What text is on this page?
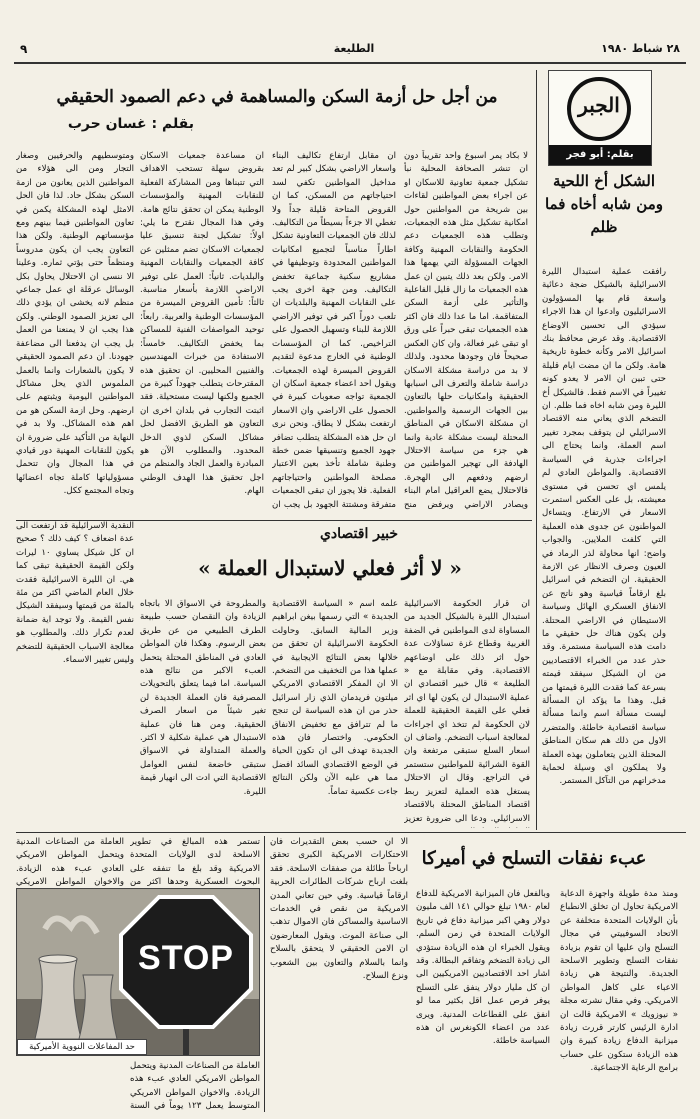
٩	الطليعة	٢٨ شباط ١٩٨٠
الجبر
بقلم: أبو فجر
الشكل أخ اللحية ومن شابه أخاه فما ظلم
رافقت عملية استبدال الليرة الاسرائيلية بالشيكل ضجة دعائية واسعة قام بها المسؤولون الاسرائيليون وادعوا ان هذا الاجراء سيؤدي الى تحسين الاوضاع الاقتصادية. وقد عرض محافظ بنك اسرائيل الامر وكأنه خطوة تاريخية هامة. ولكن ما ان مضت ايام قليلة حتى تبين ان الامر لا يعدو كونه تغييراً في الاسم فقط. فالشيكل أخ الليرة ومن شابه اخاه فما ظلم. ان التضخم الذي يعاني منه الاقتصاد الاسرائيلي لن يتوقف بمجرد تغيير اسم العملة، وانما يحتاج الى اجراءات جذرية في السياسة الاقتصادية. والمواطن العادي لم يلمس اي تحسن في مستوى معيشته، بل على العكس استمرت الاسعار في الارتفاع. ويتساءل المواطنون عن جدوى هذه العملية التي كلفت الملايين. والجواب واضح: انها محاولة لذر الرماد في العيون وصرف الانظار عن الازمة الحقيقية. ان التضخم في اسرائيل بلغ ارقاماً قياسية وهو ناتج عن الانفاق العسكري الهائل وسياسة الاستيطان في الاراضي المحتلة. ولن يكون هناك حل حقيقي ما دامت هذه السياسة مستمرة. وقد حذر عدد من الخبراء الاقتصاديين من ان الشيكل سيفقد قيمته بسرعة كما فقدت الليرة قيمتها من قبل. وهذا ما يؤكد ان المسألة ليست مسألة اسم وانما مسألة سياسة اقتصادية خاطئة. والمتضرر الاول من ذلك هم سكان المناطق المحتلة الذين يتعاملون بهذه العملة ولا يملكون اي وسيلة لحماية مدخراتهم من التآكل المستمر.
من أجل حل أزمة السكن والمساهمة في دعم الصمود الحقيقي
بقلم : غسان حرب
لا بكاد يمر اسبوع واحد تقريباً دون ان تنشر الصحافة المحلية نبأ تشكيل جمعية تعاونية للاسكان او عن اجراء بعض المواطنين لقاءات بين شريحة من المواطنين حول امكانية تشكيل مثل هذه الجمعيات، وتطلب هذه الجمعيات دعم الحكومة والنقابات المهنية وكافة الجهات المسؤولة التي يهمها هذا الامر. ولكن بعد ذلك يتبين ان عمل هذه الجمعيات ما زال قليل الفاعلية والتأثير على أزمة السكن المتفاقمة. اما ما عدا ذلك فان اكثر هذه الجمعيات تبقى حبراً على ورق او تبقى غير فعالة، وان كان العكس صحيحاً فان وجودها محدود. ولذلك لا بد من دراسة مشكلة الاسكان دراسة شاملة والتعرف الى اسبابها الحقيقية وامكانيات حلها بالتعاون بين الجهات الرسمية والمواطنين. ان مشكلة الاسكان في المناطق المحتلة ليست مشكلة عادية وانما هي جزء من سياسة الاحتلال الهادفة الى تهجير المواطنين من ارضهم ودفعهم الى الهجرة. فالاحتلال يضع العراقيل امام البناء ويصادر الاراضي ويرفض منح
ان مقابل ارتفاع تكاليف البناء واسعار الاراضي بشكل كبير لم تعد مداخيل المواطنين تكفي لسد احتياجاتهم من المسكن، كما ان القروض المتاحة قليلة جداً ولا تغطي الا جزءاً بسيطاً من التكاليف. لذلك فان الجمعيات التعاونية تشكل اطاراً مناسباً لتجميع امكانيات المواطنين المحدودة وتوظيفها في مشاريع سكنية جماعية تخفض التكاليف. ومن جهة اخرى يجب على النقابات المهنية والبلديات ان تلعب دوراً اكبر في توفير الاراضي اللازمة للبناء وتسهيل الحصول على التراخيص. كما ان المؤسسات الوطنية في الخارج مدعوة لتقديم القروض الميسرة لهذه الجمعيات. ويقول احد اعضاء جمعية اسكان ان الجمعية تواجه صعوبات كبيرة في الحصول على الاراضي وان الاسعار ارتفعت بشكل لا يطاق. ونحن نرى ان حل هذه المشكلة يتطلب تضافر جهود الجميع وتنسيقها ضمن خطة وطنية شاملة تأخذ بعين الاعتبار مصلحة المواطنين واحتياجاتهم الفعلية. فلا يجوز ان تبقى الجمعيات متفرقة ومشتتة الجهود بل يجب ان
ان مساعدة جمعيات الاسكان بقروض سهلة تستحب الاهداف التي تتبناها ومن المشاركة الفعلية للنقابات المهنية والمؤسسات الوطنية يمكن ان تحقق نتائج هامة. وفي هذا المجال نقترح ما يلي: اولاً: تشكيل لجنة تنسيق عليا لجمعيات الاسكان تضم ممثلين عن كافة الجمعيات والنقابات المهنية والبلديات. ثانياً: العمل على توفير الاراضي اللازمة بأسعار مناسبة. ثالثاً: تأمين القروض الميسرة من المؤسسات الوطنية والعربية. رابعاً: توحيد المواصفات الفنية للمساكن بما يخفض التكاليف. خامساً: الاستفادة من خبرات المهندسين والفنيين المحليين. ان تحقيق هذه المقترحات يتطلب جهوداً كبيرة من الجميع ولكنها ليست مستحيلة. فقد اثبتت التجارب في بلدان اخرى ان التعاون هو الطريق الافضل لحل مشاكل السكن لذوي الدخل المحدود. والمطلوب الآن هو المبادرة والعمل الجاد والمنظم من اجل تحقيق هذا الهدف الوطني الهام.
ومتوسطيهم والحرفيين وصغار التجار ومن الى هؤلاء من المواطنين الذين يعانون من ازمة السكن بشكل حاد. لذا فان الحل الامثل لهذه المشكلة يكمن في تعاون المواطنين فيما بينهم ومع مؤسساتهم الوطنية. ولكن هذا التعاون يجب ان يكون مدروساً ومنظماً حتى يؤتي ثماره. وعلينا الا ننسى ان الاحتلال يحاول بكل الوسائل عرقلة اي عمل جماعي منظم لانه يخشى ان يؤدي ذلك الى تعزيز الصمود الوطني. ولكن هذا يجب ان لا يمنعنا من العمل بل يجب ان يدفعنا الى مضاعفة جهودنا. ان دعم الصمود الحقيقي لا يكون بالشعارات وانما بالعمل الملموس الذي يحل مشاكل المواطنين اليومية ويثبتهم على ارضهم. وحل ازمة السكن هو من اهم هذه المشاكل. ولا بد في النهاية من التأكيد على ضرورة ان يكون للنقابات المهنية دور قيادي في هذا المجال وان تتحمل مسؤولياتها كاملة تجاه اعضائها وتجاه المجتمع ككل.
خبير اقتصادي
« لا أثر فعلي لاستبدال العملة »
ان قرار الحكومة الاسرائيلية استبدال الليرة بالشيكل الجديد من المساواة لدى المواطنين في الضفة الغربية وقطاع غزة تساؤلات عدة حول اثر ذلك على اوضاعهم الاقتصادية. وفي مقابلة مع « الطليعة » قال خبير اقتصادي ان عملية الاستبدال لن يكون لها اي اثر فعلي على القيمة الحقيقية للعملة لان الحكومة لم تتخذ اي اجراءات لمعالجة اسباب التضخم. واضاف ان اسعار السلع ستبقى مرتفعة وان القوة الشرائية للمواطنين ستستمر في التراجع. وقال ان الاحتلال يستغل هذه العملية لتعزيز ربط اقتصاد المناطق المحتلة بالاقتصاد الاسرائيلي. ودعا الى ضرورة تعزيز
علمه اسم « السياسة الاقتصادية الجديدة » التي رسمها بيغن ابراهيم وزير المالية السابق. وحاولت الحكومة الاسرائيلية ان تحقق من خلالها بعض النتائج الايجابية في عملها هذا من التخفيف من التضخم. الا ان المفكر الاقتصادي الامريكي ميلتون فريدمان الذي زار اسرائيل حذر من ان هذه السياسة لن تنجح ما لم تترافق مع تخفيض الانفاق الحكومي. واختصار فان هذه الجديدة تهدف الى ان تكون الحياة في الوضع الاقتصادي السائد افضل مما هي عليه الآن ولكن النتائج جاءت عكسية تماماً.
والمطروحة في الاسواق الا باتجاه الزيادة وان النقصان حسب طبيعة الطرف الطبيعي من عن طريق بعض الرسوم. وهكذا فان المواطن العادي في المناطق المحتلة يتحمل العبء الاكبر من نتائج هذه السياسة. اما فيما يتعلق بالتحويلات المصرفية فان العملة الجديدة لن تغير شيئاً من اسعار الصرف الحقيقية. ومن هنا فان عملية الاستبدال هي عملية شكلية لا اكثر. والعملة المتداولة في الاسواق ستبقى خاضعة لنفس العوامل الاقتصادية التي ادت الى انهيار قيمة الليرة.
النقدية الاسرائيلية قد ارتفعت الى عدة اضعاف ؟ كيف ذلك ؟ صحيح ان كل شيكل يساوي ١٠ ليرات ولكن القيمة الحقيقية تبقى كما هي. ان الليرة الاسرائيلية فقدت خلال العام الماضي اكثر من مئة بالمئة من قيمتها وسيفقد الشيكل نفس القيمة. ولا توجد اية ضمانة لعدم تكرار ذلك. والمطلوب هو معالجة الاسباب الحقيقية للتضخم وليس تغيير الاسماء.
عبء نفقات التسلح في أميركا
ومنذ مدة طويلة واجهزة الدعاية الامريكية تحاول ان تخلق الانطباع بأن الولايات المتحدة متخلفة عن الاتحاد السوفييتي في مجال التسلح وان عليها ان تقوم بزيادة نفقات التسلح وتطوير الاسلحة الجديدة. والنتيجة هي زيادة الاعباء على كاهل المواطن الامريكي. وفي مقال نشرته مجلة « نيوزويك » الامريكية قالت ان ادارة الرئيس كارتر قررت زيادة ميزانية الدفاع زيادة كبيرة وان هذه الزيادة ستكون على حساب برامج الرعاية الاجتماعية.
وبالفعل فان الميزانية الامريكية للدفاع لعام ١٩٨٠ تبلغ حوالي ١٤١ الف مليون دولار وهي اكبر ميزانية دفاع في تاريخ الولايات المتحدة في زمن السلم. ويقول الخبراء ان هذه الزيادة ستؤدي الى زيادة التضخم وتفاقم البطالة. وقد اشار احد الاقتصاديين الامريكيين الى ان كل مليار دولار ينفق على التسلح يوفر فرص عمل اقل بكثير مما لو انفق على القطاعات المدنية. ويرى عدد من اعضاء الكونغرس ان هذه السياسة خاطئة.
الا ان حسب بعض التقديرات فان الاحتكارات الامريكية الكبرى تحقق ارباحاً طائلة من صفقات الاسلحة. فقد بلغت ارباح شركات الطائرات الحربية ارقاماً قياسية. وفي حين تعاني المدن الامريكية من نقص في الخدمات الاساسية والمساكن فان الاموال تذهب الى صناعة الموت. ويقول المعارضون ان الامن الحقيقي لا يتحقق بالسلاح وانما بالسلام والتعاون بين الشعوب ونزع السلاح.
تستمر هذه المبالغ في تطوير الاسلحة لدى الولايات المتحدة الامريكية وقد بلغ ما تنفقه على البحوث العسكرية وحدها اكثر من
العاملة من الصناعات المدنية ويتحمل المواطن الامريكي العادي عبء هذه الزيادة. والاخوان المواطن الامريكي
العاملة من الصناعات المدنية ويتحمل المواطن الامريكي العادي عبء هذه الزيادة. والاخوان المواطن الامريكي المتوسط يعمل ١٢٣ يوماً في السنة
STOP
حد المفاعلات النووية الأميركية
